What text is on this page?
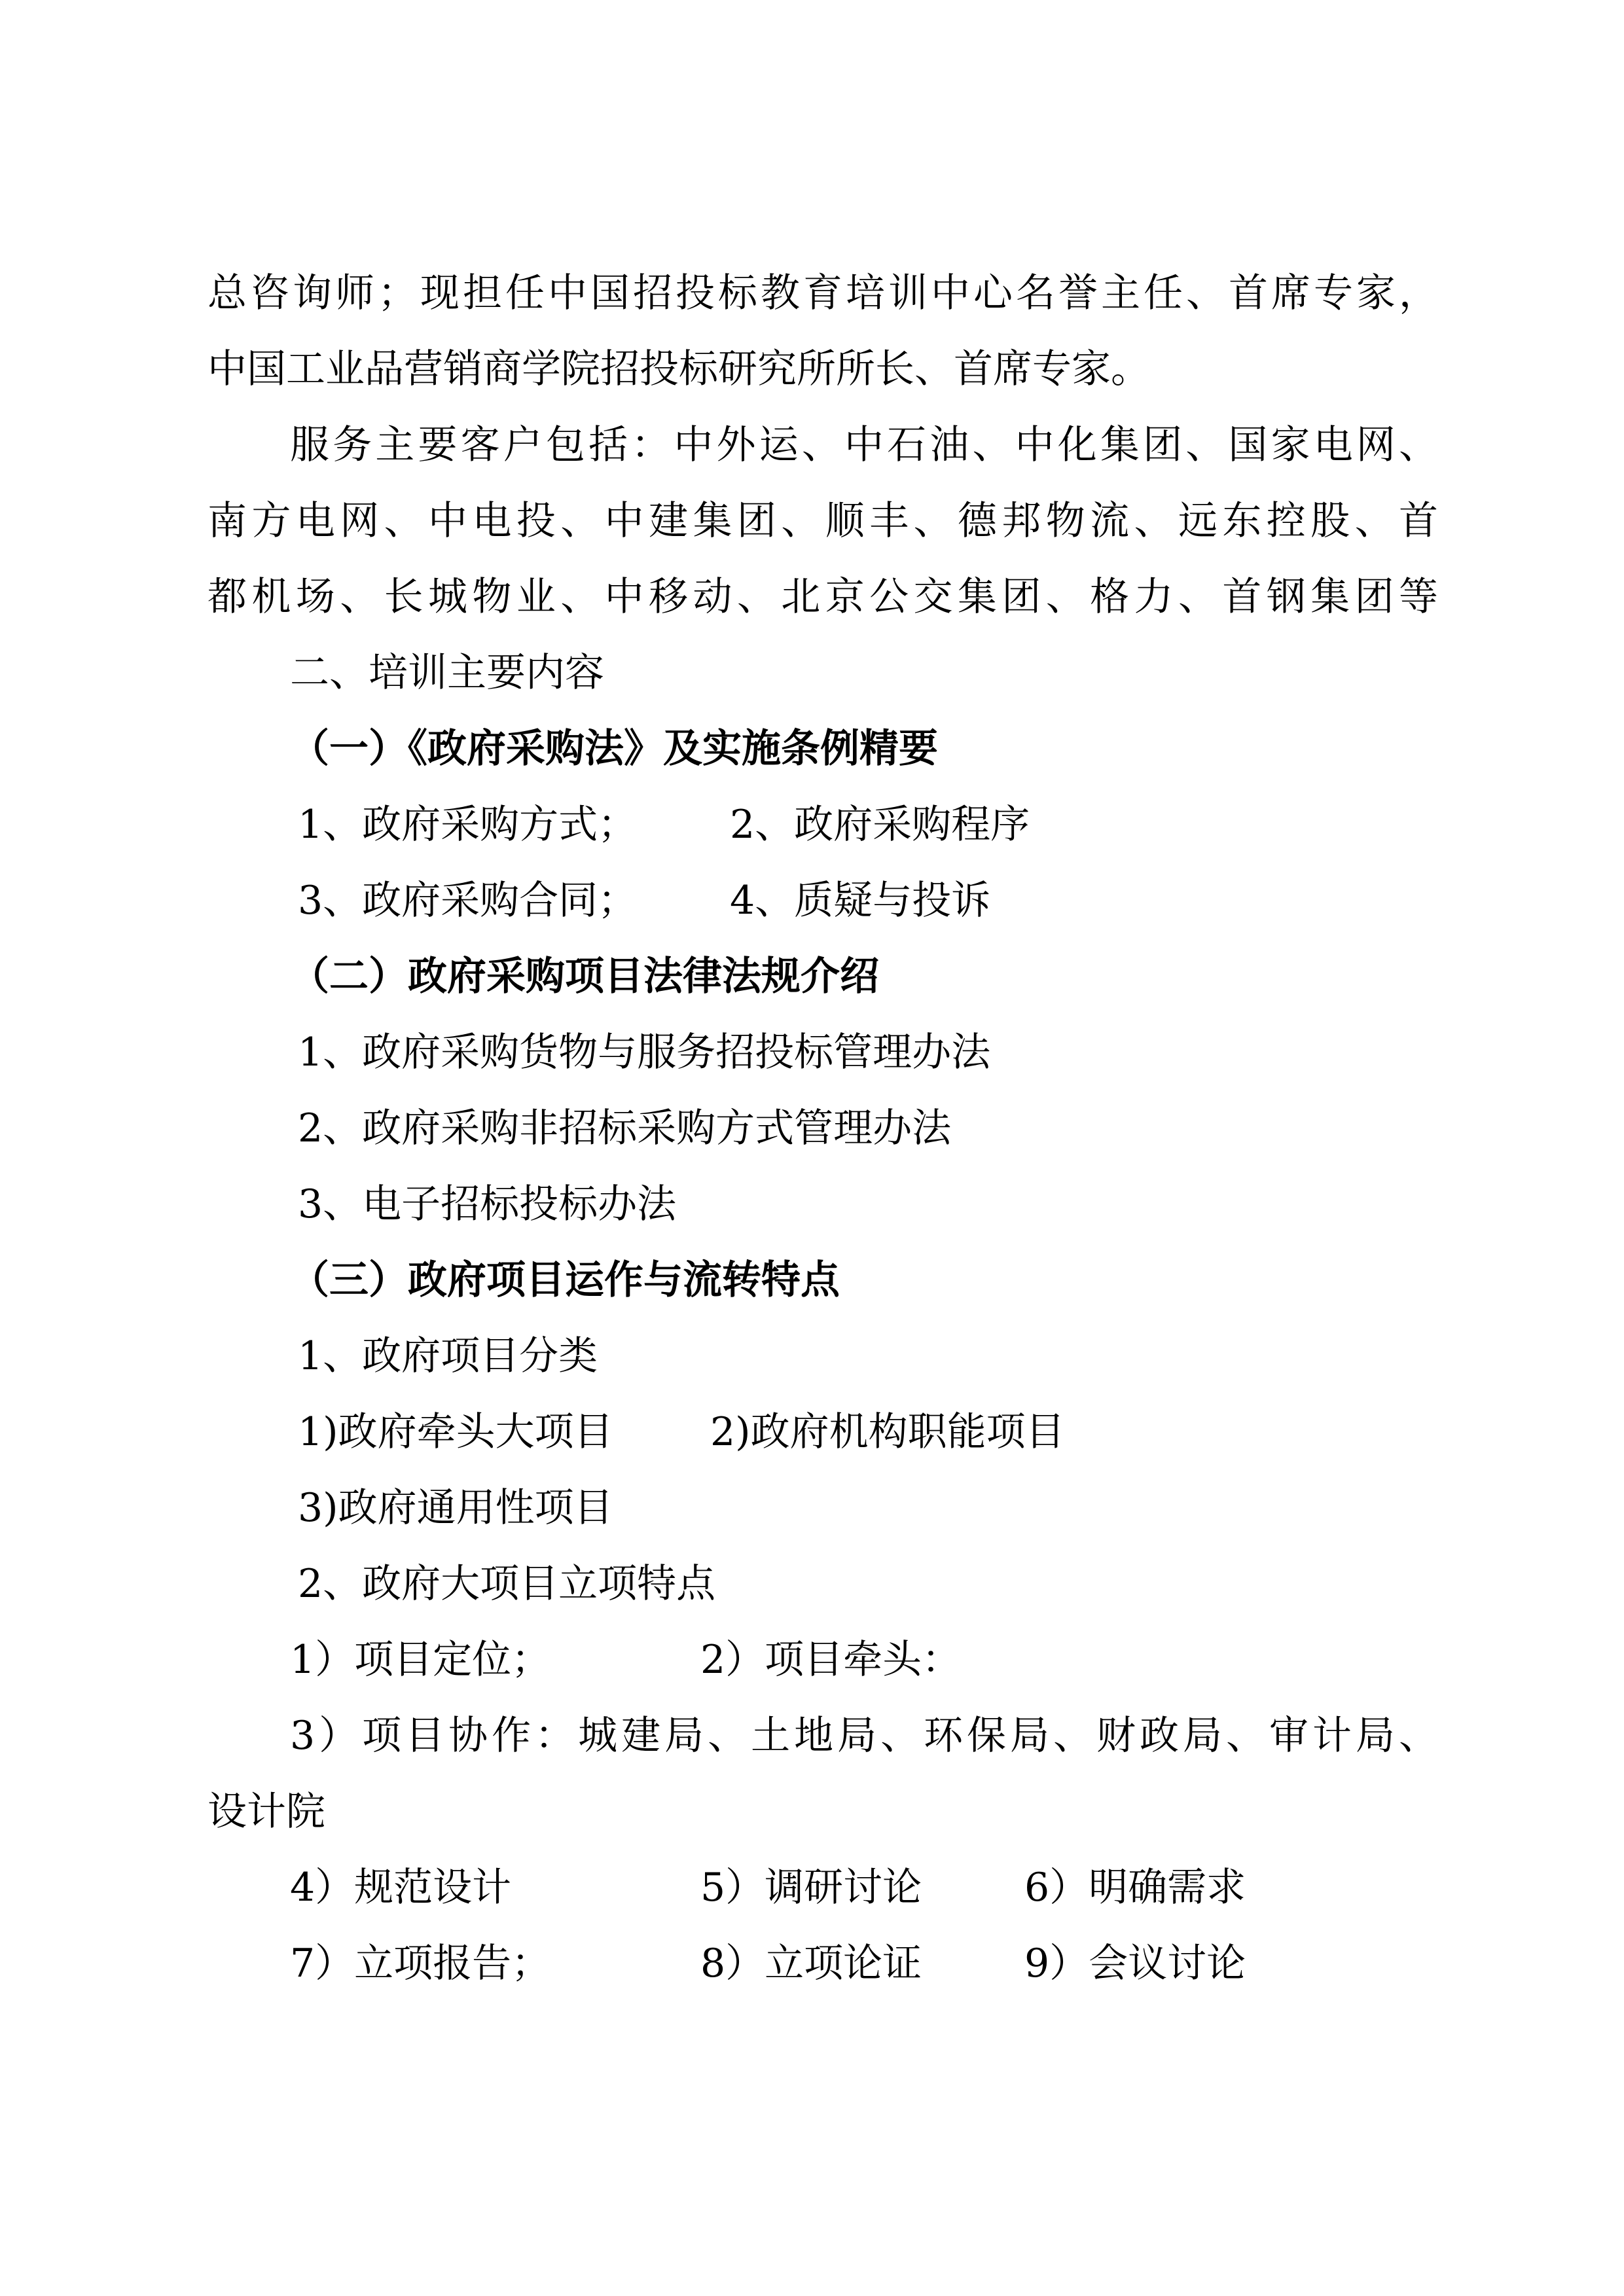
总咨询师；现担任中国招投标教育培训中心名誉主任、首席专家，
中国工业品营销商学院招投标研究所所长、首席专家。
服务主要客户包括：中外运、中石油、中化集团、国家电网、
南方电网、中电投、中建集团、顺丰、德邦物流、远东控股、首
都机场、长城物业、中移动、北京公交集团、格力、首钢集团等
二、培训主要内容
（一）《政府采购法》及实施条例精要
1、政府采购方式； 2、政府采购程序
3、政府采购合同； 4、质疑与投诉
（二）政府采购项目法律法规介绍
1、政府采购货物与服务招投标管理办法
2、政府采购非招标采购方式管理办法
3、电子招标投标办法
（三）政府项目运作与流转特点
1、政府项目分类
1)政府牵头大项目 2)政府机构职能项目
3)政府通用性项目
2、政府大项目立项特点
1）项目定位；	2）项目牵头：
3）项目协作：城建局、土地局、环保局、财政局、审计局、
设计院
4）规范设计	5）调研讨论	6）明确需求
7）立项报告；	8）立项论证	9）会议讨论
